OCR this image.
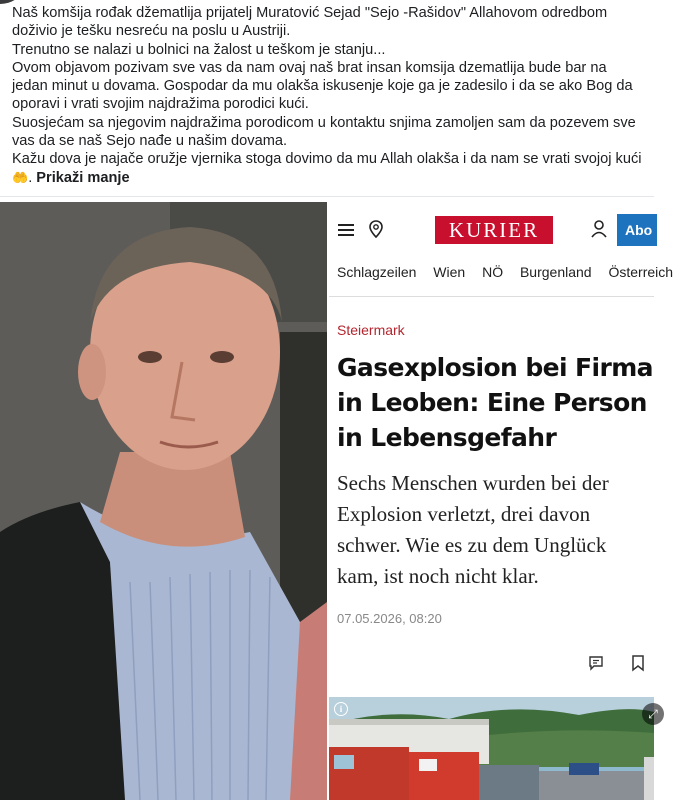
Naš komšija rođak džematlija prijatelj Muratović Sejad "Sejo -Rašidov" Allahovom odredbom doživio je tešku nesreću na poslu u Austriji.

Trenutno se nalazi u bolnici na žalost u teškom je stanju...

Ovom objavom pozivam sve vas da nam ovaj naš brat insan komsija dzematlija bude bar na jedan minut u dovama. Gospodar da mu olakša iskusenje koje ga je zadesilo i da se ako Bog da oporavi i vrati svojim najdražima porodici kući.

Suosjećam sa njegovim najdražima porodicom u kontaktu snjima zamoljen sam da pozevem sve vas da se naš Sejo nađe u našim dovama.

Kažu dova je najače oružje vjernika stoga dovimo da mu Allah olakša i da nam se vrati svojoj kući 🤲. Prikaži manje

KURIER	Abo
Schlagzeilen Wien NÖ Burgenland Österreich
Steiermark
Gasexplosion bei Firma in Leoben: Eine Person in Lebensgefahr
Sechs Menschen wurden bei der Explosion verletzt, drei davon schwer. Wie es zu dem Unglück kam, ist noch nicht klar.
07.05.2026, 08:20
i	⤢
